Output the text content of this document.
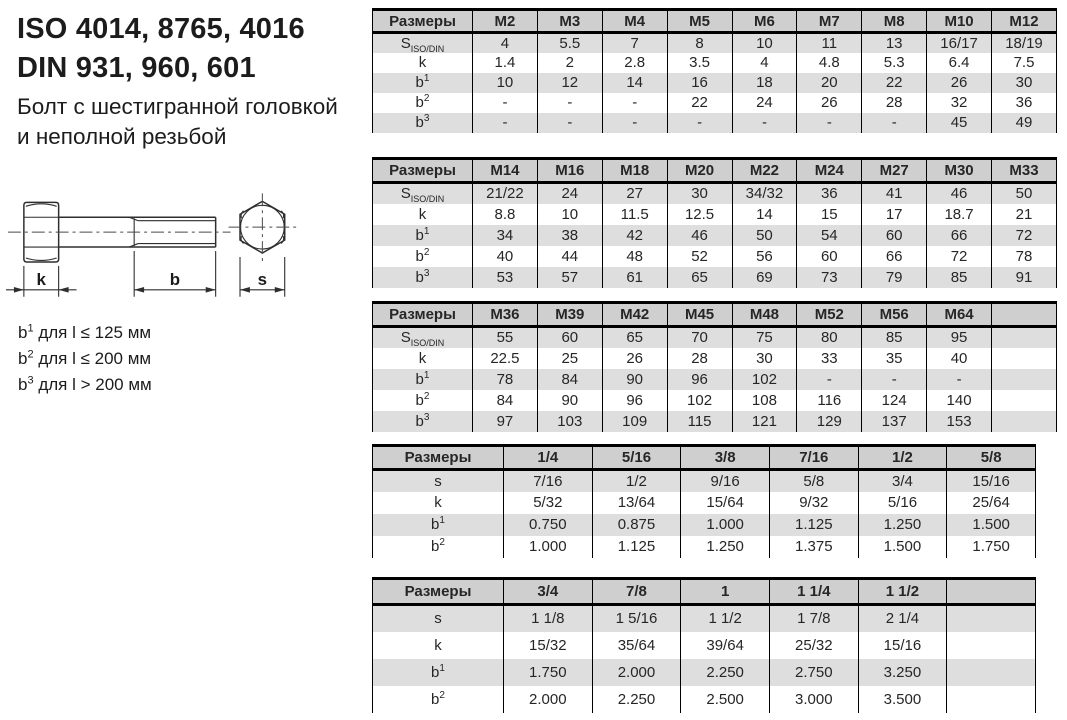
ISO 4014, 8765, 4016
DIN 931, 960, 601
Болт с шестигранной головкой
и неполной резьбой
k	b	s
b$^1$ для l ≤ 125 мм
b$^2$ для l ≤ 200 мм
b$^3$ для l > 200 мм
Размеры	M2	M3	M4	M5	M6	M7	M8	M10	M12
$S_{ISO/DIN}$	4	5.5	7	8	10	11	13	16/17	18/19
k	1.4	2	2.8	3.5	4	4.8	5.3	6.4	7.5
$b^1$	10	12	14	16	18	20	22	26	30
$b^2$	-	-	-	22	24	26	28	32	36
$b^3$	-	-	-	-	-	-	-	45	49
Размеры	M14	M16	M18	M20	M22	M24	M27	M30	M33
$S_{ISO/DIN}$	21/22	24	27	30	34/32	36	41	46	50
k	8.8	10	11.5	12.5	14	15	17	18.7	21
$b^1$	34	38	42	46	50	54	60	66	72
$b^2$	40	44	48	52	56	60	66	72	78
$b^3$	53	57	61	65	69	73	79	85	91
Размеры	M36	M39	M42	M45	M48	M52	M56	M64	
$S_{ISO/DIN}$	55	60	65	70	75	80	85	95	
k	22.5	25	26	28	30	33	35	40	
$b^1$	78	84	90	96	102	-	-	-	
$b^2$	84	90	96	102	108	116	124	140	
$b^3$	97	103	109	115	121	129	137	153	
Размеры	1/4	5/16	3/8	7/16	1/2	5/8
s	7/16	1/2	9/16	5/8	3/4	15/16
k	5/32	13/64	15/64	9/32	5/16	25/64
$b^1$	0.750	0.875	1.000	1.125	1.250	1.500
$b^2$	1.000	1.125	1.250	1.375	1.500	1.750
Размеры	3/4	7/8	1	1 1/4	1 1/2	
s	1 1/8	1 5/16	1 1/2	1 7/8	2 1/4	
k	15/32	35/64	39/64	25/32	15/16	
$b^1$	1.750	2.000	2.250	2.750	3.250	
$b^2$	2.000	2.250	2.500	3.000	3.500	
